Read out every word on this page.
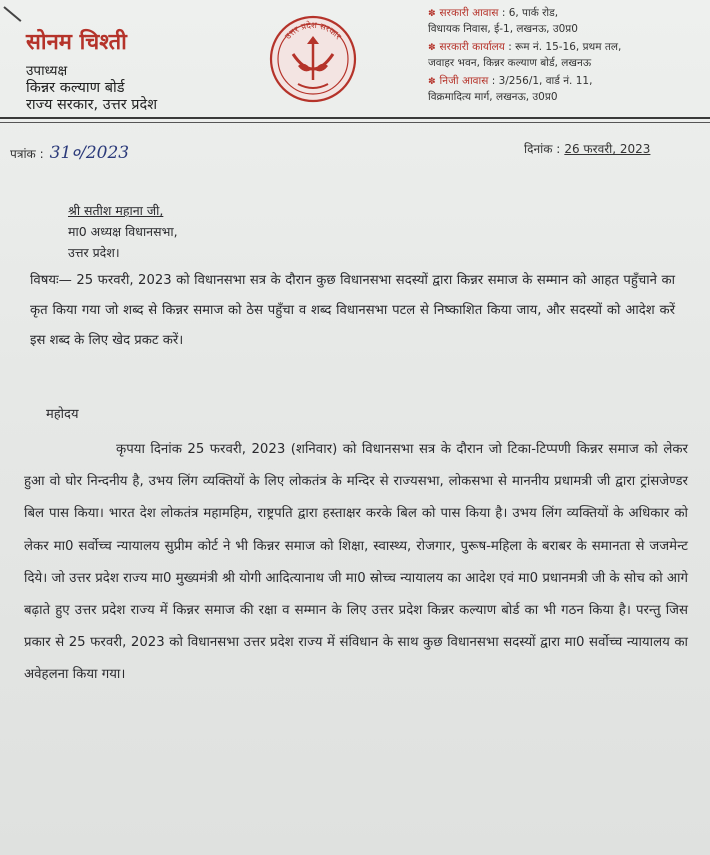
सोनम चिश्ती
उपाध्यक्ष
किन्नर कल्याण बोर्ड
राज्य सरकार, उत्तर प्रदेश
उत्तर प्रदेश सरकार
✽ सरकारी आवास : 6, पार्क रोड,
विधायक निवास, ई-1, लखनऊ, उ0प्र0
✽ सरकारी कार्यालय : रूम नं. 15-16, प्रथम तल,
जवाहर भवन, किन्नर कल्याण बोर्ड, लखनऊ
✽ निजी आवास : 3/256/1, वार्ड नं. 11,
विक्रमादित्य मार्ग, लखनऊ, उ0प्र0
पत्रांक : 31०/2023	दिनांक : 26 फरवरी, 2023
श्री सतीश महाना जी,
मा0 अध्यक्ष विधानसभा,
उत्तर प्रदेश।
विषयः— 25 फरवरी, 2023 को विधानसभा सत्र के दौरान कुछ विधानसभा सदस्यों द्वारा किन्नर समाज के सम्मान को आहत पहुँचाने का कृत किया गया जो शब्द से किन्नर समाज को ठेस पहुँचा व शब्द विधानसभा पटल से निष्काशित किया जाय, और सदस्यों को आदेश करें इस शब्द के लिए खेद प्रकट करें।
महोदय
कृपया दिनांक 25 फरवरी, 2023 (शनिवार) को विधानसभा सत्र के दौरान जो टिका-टिप्पणी किन्नर समाज को लेकर हुआ वो घोर निन्दनीय है, उभय लिंग व्यक्तियों के लिए लोकतंत्र के मन्दिर से राज्यसभा, लोकसभा से माननीय प्रधामत्री जी द्वारा ट्रांसजेण्डर बिल पास किया। भारत देश लोकतंत्र महामहिम, राष्ट्रपति द्वारा हस्ताक्षर करके बिल को पास किया है। उभय लिंग व्यक्तियों के अधिकार को लेकर मा0 सर्वोच्च न्यायालय सुप्रीम कोर्ट ने भी किन्नर समाज को शिक्षा, स्वास्थ्य, रोजगार, पुरूष-महिला के बराबर के समानता से जजमेन्ट दिये। जो उत्तर प्रदेश राज्य मा0 मुख्यमंत्री श्री योगी आदित्यानाथ जी मा0 स्रोच्च न्यायालय का आदेश एवं मा0 प्रधानमत्री जी के सोच को आगे बढ़ाते हुए उत्तर प्रदेश राज्य में किन्नर समाज की रक्षा व सम्मान के लिए उत्तर प्रदेश किन्नर कल्याण बोर्ड का भी गठन किया है। परन्तु जिस प्रकार से 25 फरवरी, 2023 को विधानसभा उत्तर प्रदेश राज्य में संविधान के साथ कुछ विधानसभा सदस्यों द्वारा मा0 सर्वोच्च न्यायालय का अवेहलना किया गया।
